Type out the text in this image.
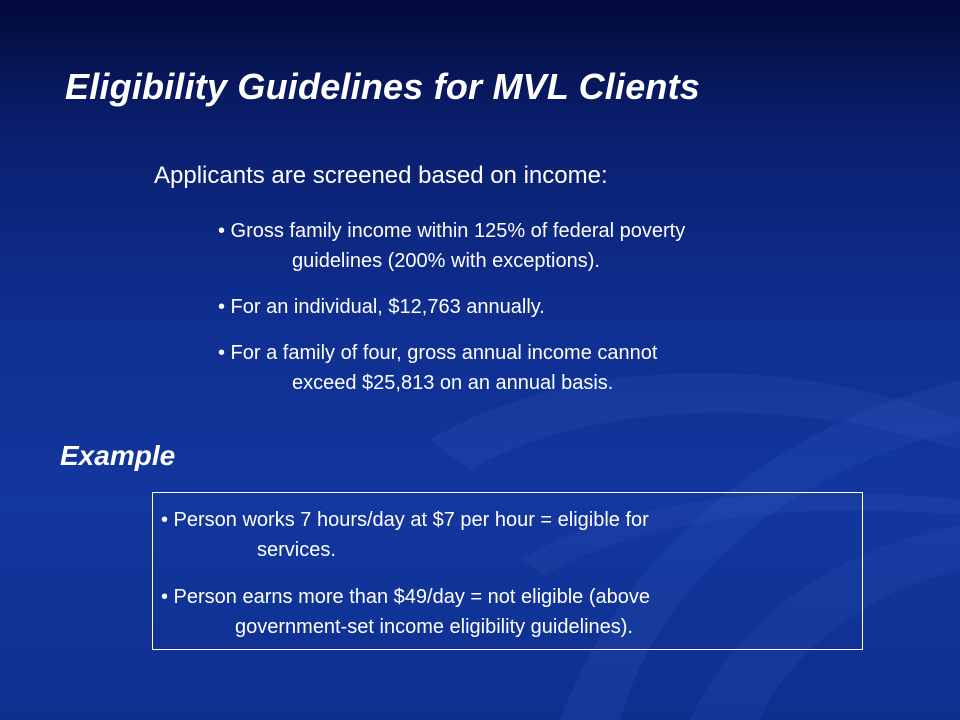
Eligibility Guidelines for MVL Clients
Applicants are screened based on income:
• Gross family income within 125% of federal poverty
guidelines (200% with exceptions).
• For an individual, $12,763 annually.
• For a family of four, gross annual income cannot
exceed $25,813 on an annual basis.
Example
• Person works 7 hours/day at $7 per hour = eligible for
services.
• Person earns more than $49/day = not eligible (above
government-set income eligibility guidelines).
